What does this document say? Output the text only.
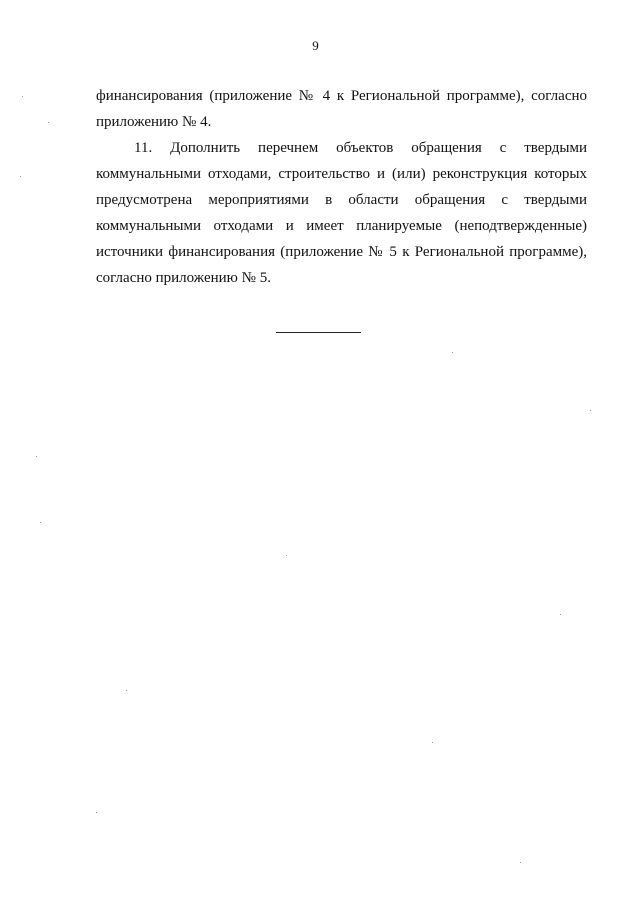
9
финансирования (приложение № 4 к Региональной программе), согласно
приложению № 4.
11. Дополнить перечнем объектов обращения с твердыми
коммунальными отходами, строительство и (или) реконструкция которых
предусмотрена мероприятиями в области обращения с твердыми
коммунальными отходами и имеет планируемые (неподтвержденные)
источники финансирования (приложение № 5 к Региональной программе),
согласно приложению № 5.
